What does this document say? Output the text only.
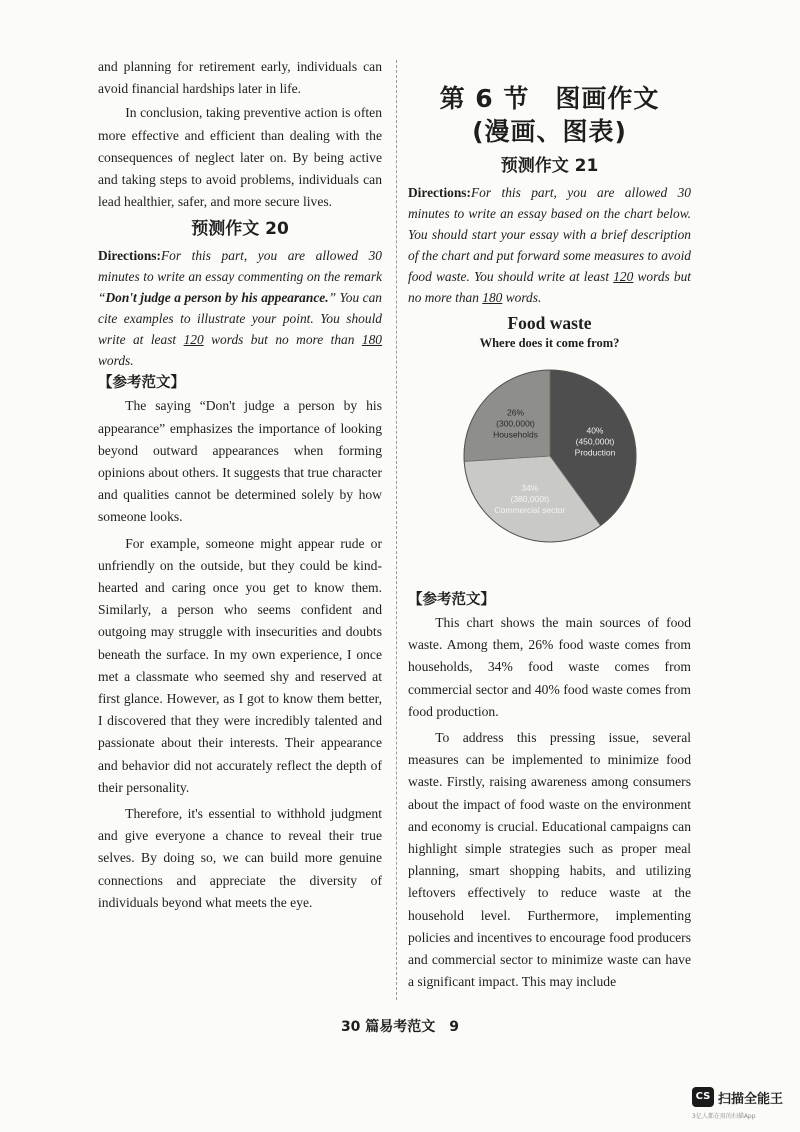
and planning for retirement early, individuals can avoid financial hardships later in life.

In conclusion, taking preventive action is often more effective and efficient than dealing with the consequences of neglect later on. By being active and taking steps to avoid problems, individuals can lead healthier, safer, and more secure lives.

预测作文 20

Directions:For this part, you are allowed 30 minutes to write an essay commenting on the remark “Don't judge a person by his appearance.” You can cite examples to illustrate your point. You should write at least 120 words but no more than 180 words.

【参考范文】

The saying “Don't judge a person by his appearance” emphasizes the importance of looking beyond outward appearances when forming opinions about others. It suggests that true character and qualities cannot be determined solely by how someone looks.

For example, someone might appear rude or unfriendly on the outside, but they could be kind-hearted and caring once you get to know them. Similarly, a person who seems confident and outgoing may struggle with insecurities and doubts beneath the surface. In my own experience, I once met a classmate who seemed shy and reserved at first glance. However, as I got to know them better, I discovered that they were incredibly talented and passionate about their interests. Their appearance and behavior did not accurately reflect the depth of their personality.

Therefore, it's essential to withhold judgment and give everyone a chance to reveal their true selves. By doing so, we can build more genuine connections and appreciate the diversity of individuals beyond what meets the eye.

第 6 节　图画作文
(漫画、图表)
预测作文 21

Directions:For this part, you are allowed 30 minutes to write an essay based on the chart below. You should start your essay with a brief description of the chart and put forward some measures to avoid food waste. You should write at least 120 words but no more than 180 words.

Food waste
Where does it come from?
40%
(450,000t)
Production
34%
(380,000t)
Commercial sector
26%
(300,000t)
Households
【参考范文】

This chart shows the main sources of food waste. Among them, 26% food waste comes from households, 34% food waste comes from commercial sector and 40% food waste comes from food production.

To address this pressing issue, several measures can be implemented to minimize food waste. Firstly, raising awareness among consumers about the impact of food waste on the environment and economy is crucial. Educational campaigns can highlight simple strategies such as proper meal planning, smart shopping habits, and utilizing leftovers effectively to reduce waste at the household level. Furthermore, implementing policies and incentives to encourage food producers and commercial sector to minimize waste can have a significant impact. This may include

30 篇易考范文　9
CS 扫描全能王
3亿人都在用的扫描App
